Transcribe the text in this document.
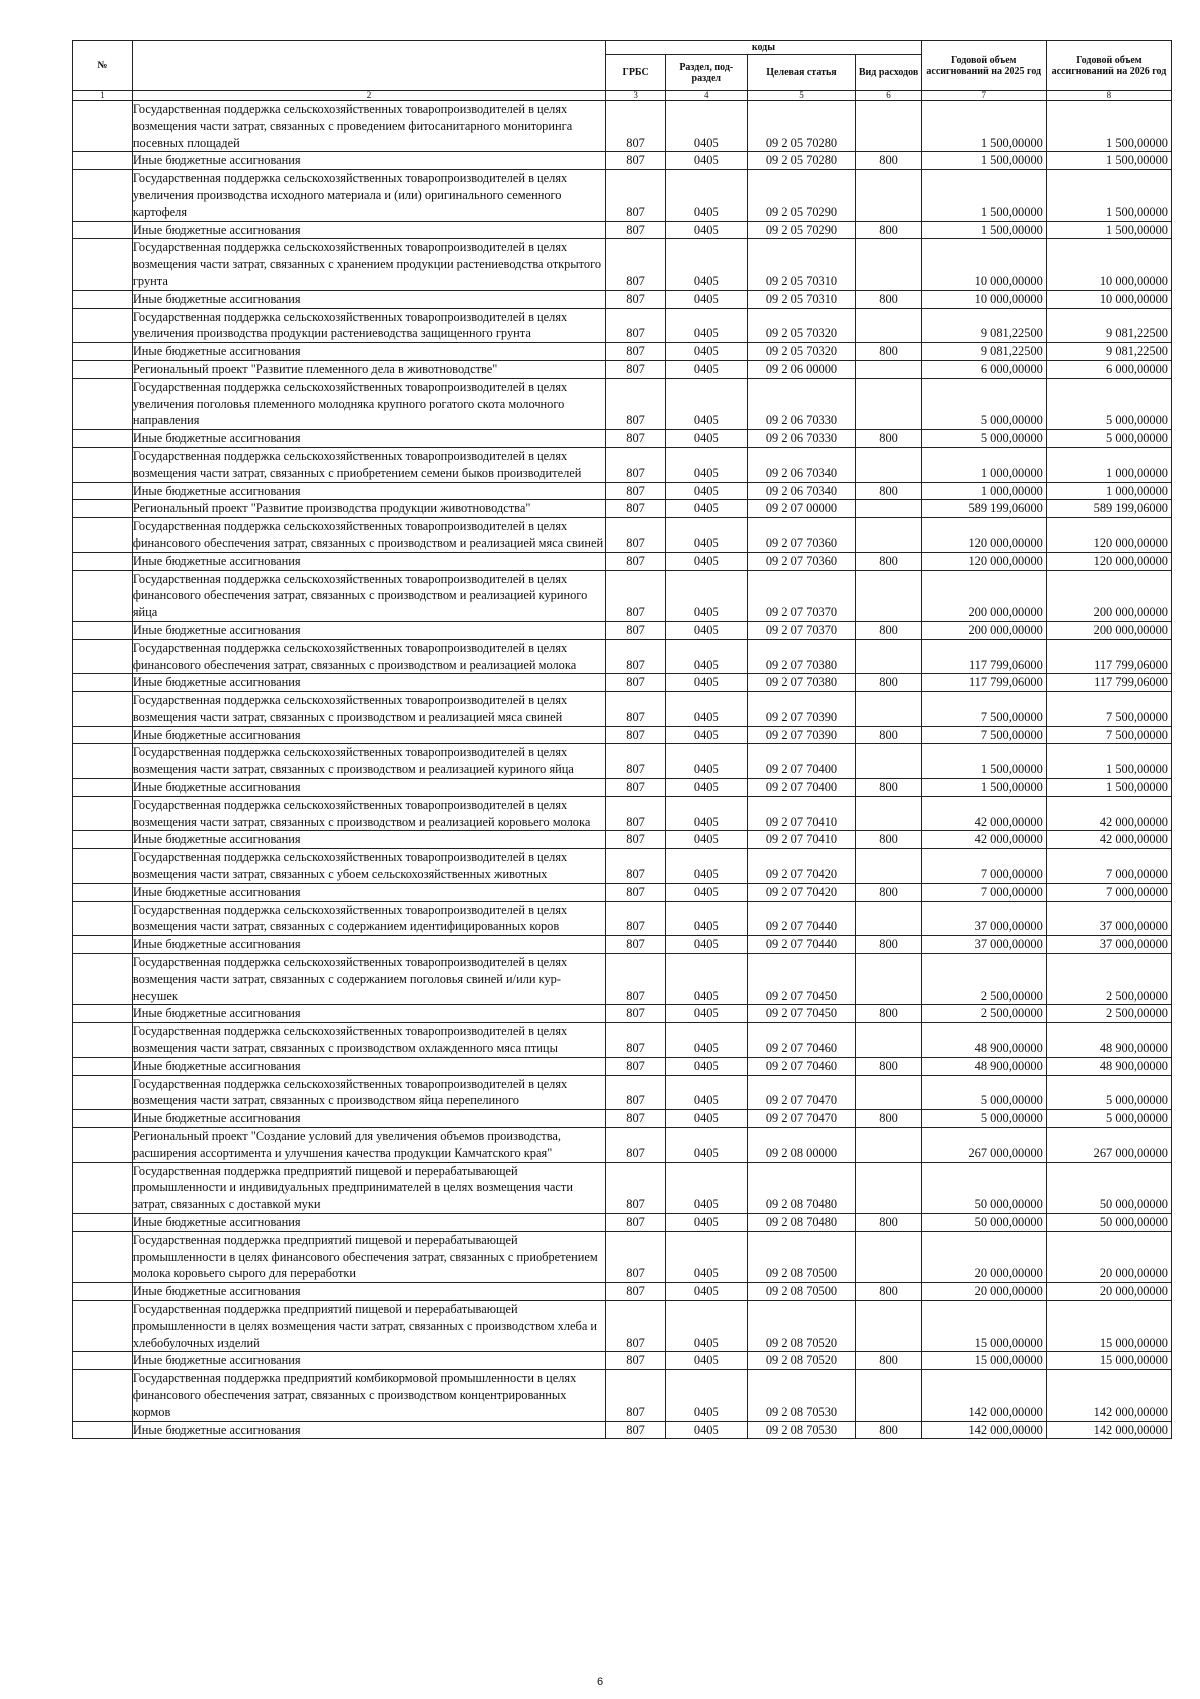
№		коды				Годовой объем ассигнований на 2025 год	Годовой объем ассигнований на 2026 год
		ГРБС	Раздел, под-раздел	Целевая статья	Вид расходов		
1	2	3	4	5	6	7	8
	Государственная поддержка сельскохозяйственных товаропроизводителей в целях возмещения части затрат, связанных с проведением фитосанитарного мониторинга посевных площадей	807	0405	09 2 05 70280		1 500,00000	1 500,00000
	Иные бюджетные ассигнования	807	0405	09 2 05 70280	800	1 500,00000	1 500,00000
	Государственная поддержка сельскохозяйственных товаропроизводителей в целях увеличения производства исходного материала и (или) оригинального семенного картофеля	807	0405	09 2 05 70290		1 500,00000	1 500,00000
	Иные бюджетные ассигнования	807	0405	09 2 05 70290	800	1 500,00000	1 500,00000
	Государственная поддержка сельскохозяйственных товаропроизводителей в целях возмещения части затрат, связанных с хранением продукции растениеводства открытого грунта	807	0405	09 2 05 70310		10 000,00000	10 000,00000
	Иные бюджетные ассигнования	807	0405	09 2 05 70310	800	10 000,00000	10 000,00000
	Государственная поддержка сельскохозяйственных товаропроизводителей в целях увеличения производства продукции растениеводства защищенного грунта	807	0405	09 2 05 70320		9 081,22500	9 081,22500
	Иные бюджетные ассигнования	807	0405	09 2 05 70320	800	9 081,22500	9 081,22500
	Региональный проект "Развитие племенного дела в животноводстве"	807	0405	09 2 06 00000		6 000,00000	6 000,00000
	Государственная поддержка сельскохозяйственных товаропроизводителей в целях увеличения поголовья племенного молодняка крупного рогатого скота молочного направления	807	0405	09 2 06 70330		5 000,00000	5 000,00000
	Иные бюджетные ассигнования	807	0405	09 2 06 70330	800	5 000,00000	5 000,00000
	Государственная поддержка сельскохозяйственных товаропроизводителей в целях возмещения части затрат, связанных с приобретением семени быков производителей	807	0405	09 2 06 70340		1 000,00000	1 000,00000
	Иные бюджетные ассигнования	807	0405	09 2 06 70340	800	1 000,00000	1 000,00000
	Региональный проект "Развитие производства продукции животноводства"	807	0405	09 2 07 00000		589 199,06000	589 199,06000
	Государственная поддержка сельскохозяйственных товаропроизводителей в целях финансового обеспечения затрат, связанных с производством и реализацией мяса свиней	807	0405	09 2 07 70360		120 000,00000	120 000,00000
	Иные бюджетные ассигнования	807	0405	09 2 07 70360	800	120 000,00000	120 000,00000
	Государственная поддержка сельскохозяйственных товаропроизводителей в целях финансового обеспечения затрат, связанных с производством и реализацией куриного яйца	807	0405	09 2 07 70370		200 000,00000	200 000,00000
	Иные бюджетные ассигнования	807	0405	09 2 07 70370	800	200 000,00000	200 000,00000
	Государственная поддержка сельскохозяйственных товаропроизводителей в целях финансового обеспечения затрат, связанных с производством и реализацией молока	807	0405	09 2 07 70380		117 799,06000	117 799,06000
	Иные бюджетные ассигнования	807	0405	09 2 07 70380	800	117 799,06000	117 799,06000
	Государственная поддержка сельскохозяйственных товаропроизводителей в целях возмещения части затрат, связанных с производством и реализацией мяса свиней	807	0405	09 2 07 70390		7 500,00000	7 500,00000
	Иные бюджетные ассигнования	807	0405	09 2 07 70390	800	7 500,00000	7 500,00000
	Государственная поддержка сельскохозяйственных товаропроизводителей в целях возмещения части затрат, связанных с производством и реализацией куриного яйца	807	0405	09 2 07 70400		1 500,00000	1 500,00000
	Иные бюджетные ассигнования	807	0405	09 2 07 70400	800	1 500,00000	1 500,00000
	Государственная поддержка сельскохозяйственных товаропроизводителей в целях возмещения части затрат, связанных с производством и реализацией коровьего молока	807	0405	09 2 07 70410		42 000,00000	42 000,00000
	Иные бюджетные ассигнования	807	0405	09 2 07 70410	800	42 000,00000	42 000,00000
	Государственная поддержка сельскохозяйственных товаропроизводителей в целях возмещения части затрат, связанных с убоем сельскохозяйственных животных	807	0405	09 2 07 70420		7 000,00000	7 000,00000
	Иные бюджетные ассигнования	807	0405	09 2 07 70420	800	7 000,00000	7 000,00000
	Государственная поддержка сельскохозяйственных товаропроизводителей в целях возмещения части затрат, связанных с содержанием идентифицированных коров	807	0405	09 2 07 70440		37 000,00000	37 000,00000
	Иные бюджетные ассигнования	807	0405	09 2 07 70440	800	37 000,00000	37 000,00000
	Государственная поддержка сельскохозяйственных товаропроизводителей в целях возмещения части затрат, связанных с содержанием поголовья свиней и/или кур-несушек	807	0405	09 2 07 70450		2 500,00000	2 500,00000
	Иные бюджетные ассигнования	807	0405	09 2 07 70450	800	2 500,00000	2 500,00000
	Государственная поддержка сельскохозяйственных товаропроизводителей в целях возмещения части затрат, связанных с производством охлажденного мяса птицы	807	0405	09 2 07 70460		48 900,00000	48 900,00000
	Иные бюджетные ассигнования	807	0405	09 2 07 70460	800	48 900,00000	48 900,00000
	Государственная поддержка сельскохозяйственных товаропроизводителей в целях возмещения части затрат, связанных с производством яйца перепелиного	807	0405	09 2 07 70470		5 000,00000	5 000,00000
	Иные бюджетные ассигнования	807	0405	09 2 07 70470	800	5 000,00000	5 000,00000
	Региональный проект "Создание условий для увеличения объемов производства, расширения ассортимента и улучшения качества продукции Камчатского края"	807	0405	09 2 08 00000		267 000,00000	267 000,00000
	Государственная поддержка предприятий пищевой и перерабатывающей промышленности и индивидуальных предпринимателей в целях возмещения части затрат, связанных с доставкой муки	807	0405	09 2 08 70480		50 000,00000	50 000,00000
	Иные бюджетные ассигнования	807	0405	09 2 08 70480	800	50 000,00000	50 000,00000
	Государственная поддержка предприятий пищевой и перерабатывающей промышленности в целях финансового обеспечения затрат, связанных с приобретением молока коровьего сырого для переработки	807	0405	09 2 08 70500		20 000,00000	20 000,00000
	Иные бюджетные ассигнования	807	0405	09 2 08 70500	800	20 000,00000	20 000,00000
	Государственная поддержка предприятий пищевой и перерабатывающей промышленности в целях возмещения части затрат, связанных с производством хлеба и хлебобулочных изделий	807	0405	09 2 08 70520		15 000,00000	15 000,00000
	Иные бюджетные ассигнования	807	0405	09 2 08 70520	800	15 000,00000	15 000,00000
	Государственная поддержка предприятий комбикормовой промышленности в целях финансового обеспечения затрат, связанных с производством концентрированных кормов	807	0405	09 2 08 70530		142 000,00000	142 000,00000
	Иные бюджетные ассигнования	807	0405	09 2 08 70530	800	142 000,00000	142 000,00000
6
